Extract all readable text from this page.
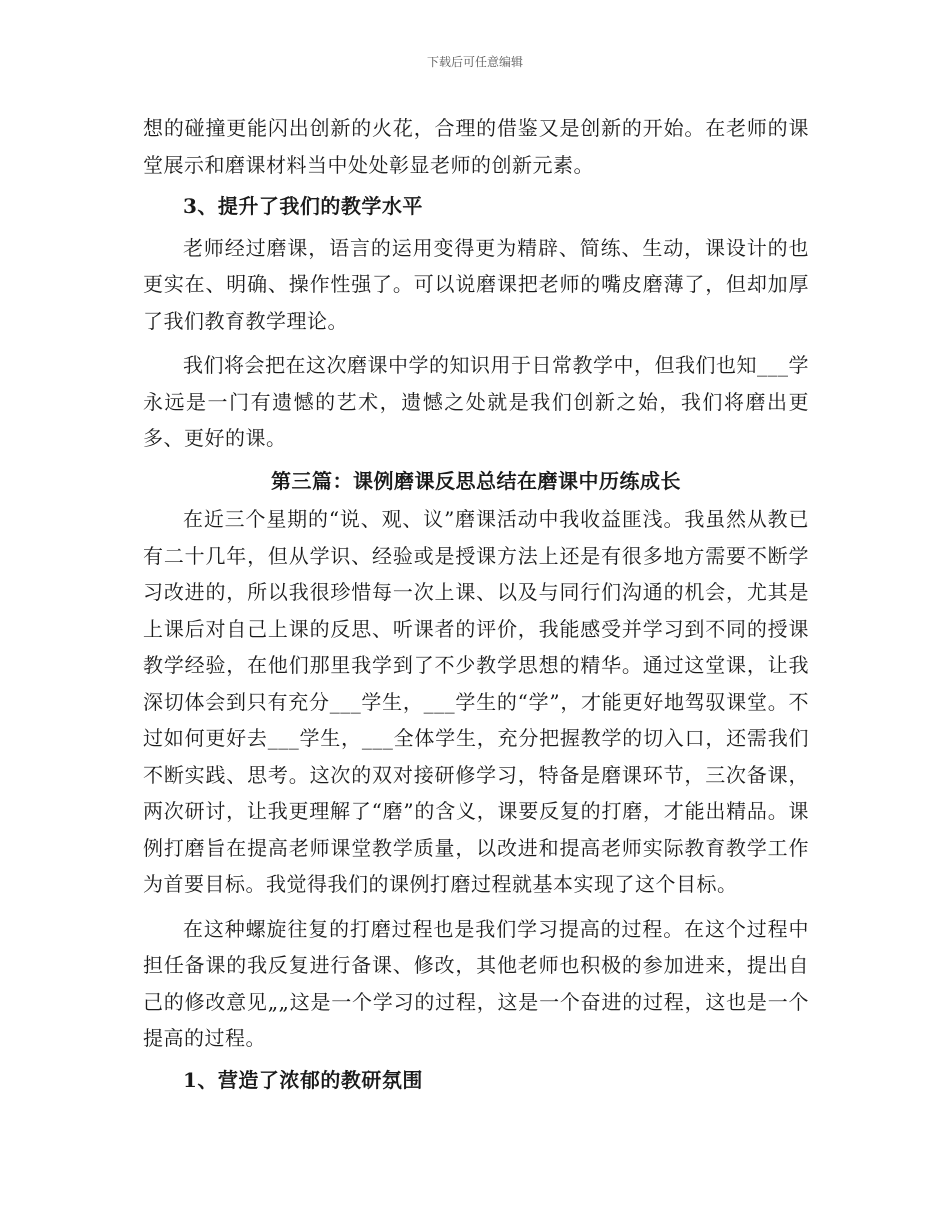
下载后可任意编辑

想的碰撞更能闪出创新的火花，合理的借鉴又是创新的开始。在老师的课堂展示和磨课材料当中处处彰显老师的创新元素。

3、提升了我们的教学水平

老师经过磨课，语言的运用变得更为精辟、简练、生动，课设计的也更实在、明确、操作性强了。可以说磨课把老师的嘴皮磨薄了，但却加厚了我们教育教学理论。

我们将会把在这次磨课中学的知识用于日常教学中，但我们也知___学永远是一门有遗憾的艺术，遗憾之处就是我们创新之始，我们将磨出更多、更好的课。

第三篇：课例磨课反思总结在磨课中历练成长

在近三个星期的“说、观、议”磨课活动中我收益匪浅。我虽然从教已有二十几年，但从学识、经验或是授课方法上还是有很多地方需要不断学习改进的，所以我很珍惜每一次上课、以及与同行们沟通的机会，尤其是上课后对自己上课的反思、听课者的评价，我能感受并学习到不同的授课教学经验，在他们那里我学到了不少教学思想的精华。通过这堂课，让我深切体会到只有充分___学生，___学生的“学”，才能更好地驾驭课堂。不过如何更好去___学生，___全体学生，充分把握教学的切入口，还需我们不断实践、思考。这次的双对接研修学习，特备是磨课环节，三次备课，两次研讨，让我更理解了“磨”的含义，课要反复的打磨，才能出精品。课例打磨旨在提高老师课堂教学质量，以改进和提高老师实际教育教学工作为首要目标。我觉得我们的课例打磨过程就基本实现了这个目标。

在这种螺旋往复的打磨过程也是我们学习提高的过程。在这个过程中担任备课的我反复进行备课、修改，其他老师也积极的参加进来，提出自己的修改意见„„这是一个学习的过程，这是一个奋进的过程，这也是一个提高的过程。

1、营造了浓郁的教研氛围
